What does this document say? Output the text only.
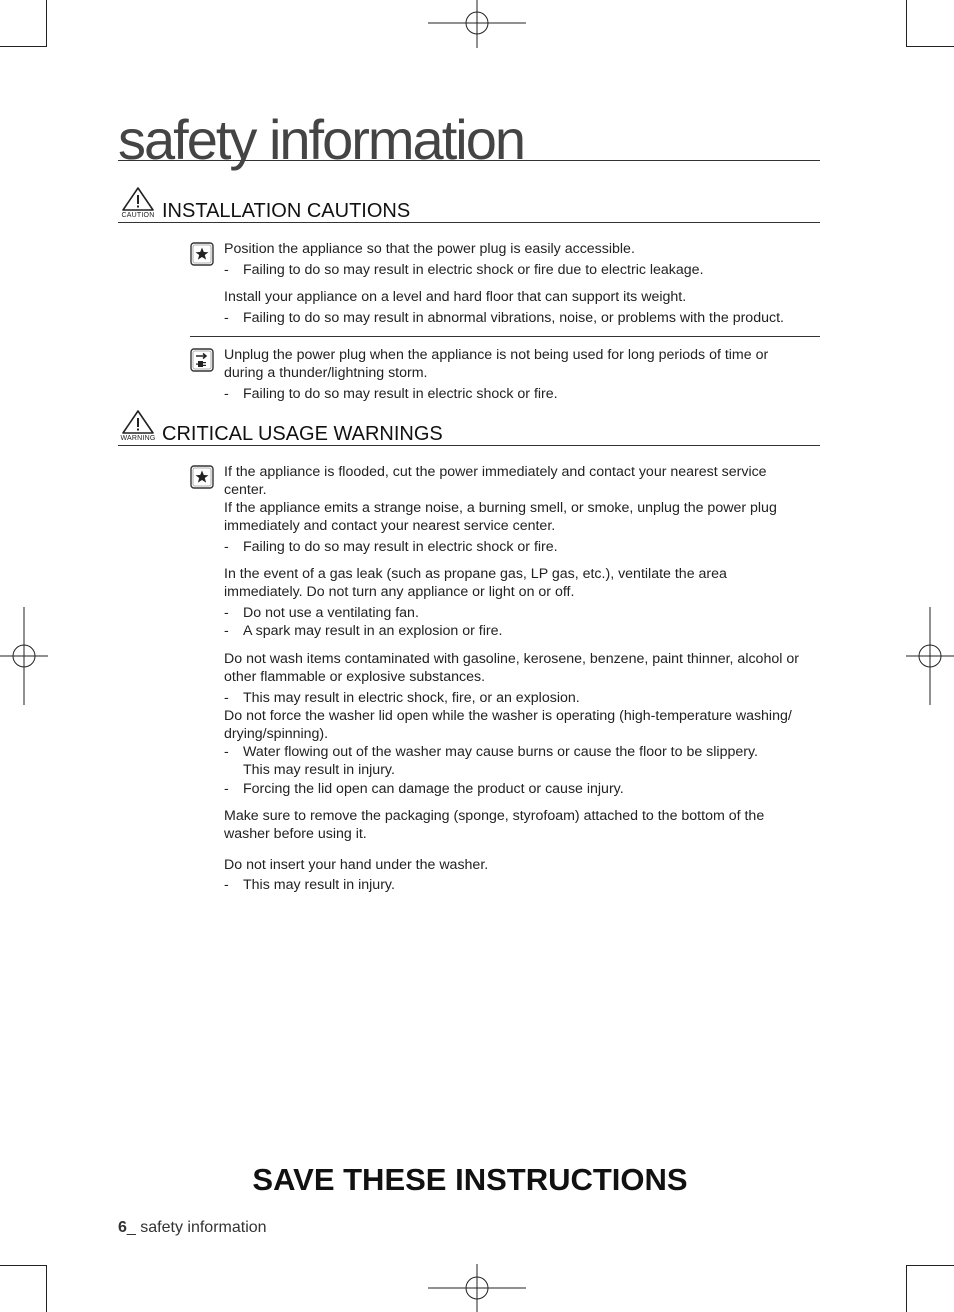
safety information
CAUTION INSTALLATION CAUTIONS
Position the appliance so that the power plug is easily accessible.
- Failing to do so may result in electric shock or fire due to electric leakage.
Install your appliance on a level and hard floor that can support its weight.
- Failing to do so may result in abnormal vibrations, noise, or problems with the product.
Unplug the power plug when the appliance is not being used for long periods of time or
during a thunder/lightning storm.
- Failing to do so may result in electric shock or fire.
WARNING CRITICAL USAGE WARNINGS
If the appliance is flooded, cut the power immediately and contact your nearest service
center.
If the appliance emits a strange noise, a burning smell, or smoke, unplug the power plug
immediately and contact your nearest service center.
- Failing to do so may result in electric shock or fire.
In the event of a gas leak (such as propane gas, LP gas, etc.), ventilate the area
immediately. Do not turn any appliance or light on or off.
- Do not use a ventilating fan.
- A spark may result in an explosion or fire.
Do not wash items contaminated with gasoline, kerosene, benzene, paint thinner, alcohol or
other flammable or explosive substances.
- This may result in electric shock, fire, or an explosion.
Do not force the washer lid open while the washer is operating (high-temperature washing/
drying/spinning).
- Water flowing out of the washer may cause burns or cause the floor to be slippery.
This may result in injury.
- Forcing the lid open can damage the product or cause injury.
Make sure to remove the packaging (sponge, styrofoam) attached to the bottom of the
washer before using it.
Do not insert your hand under the washer.
- This may result in injury.
SAVE THESE INSTRUCTIONS
6_ safety information
